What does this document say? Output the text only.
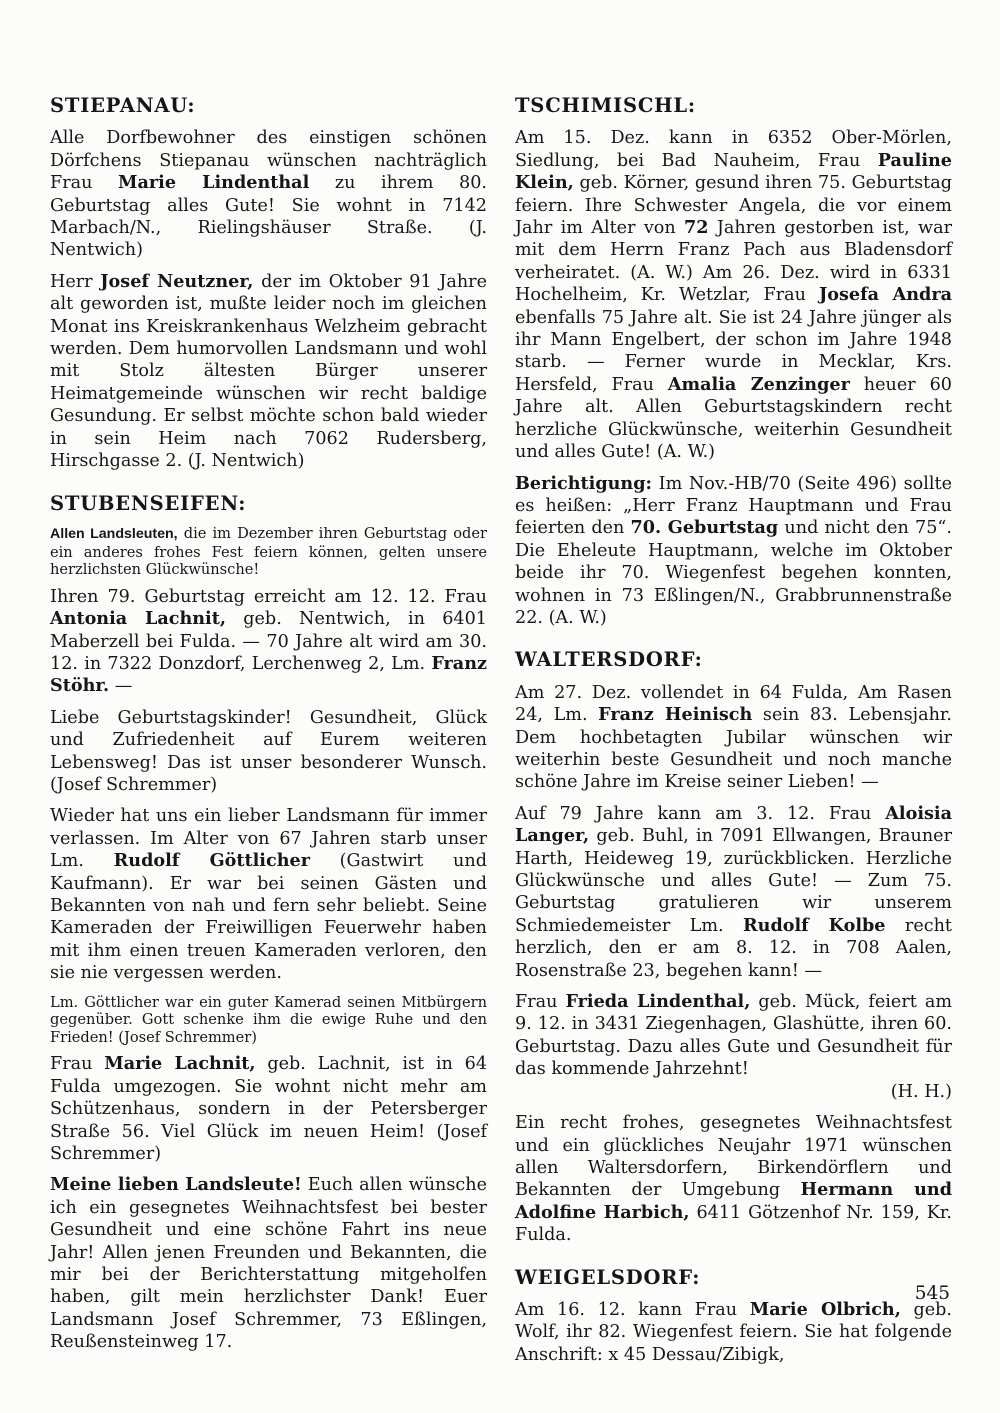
STIEPANAU:

Alle Dorfbewohner des einstigen schönen Dörfchens Stiepanau wünschen nachträglich Frau Marie Lindenthal zu ihrem 80. Geburtstag alles Gute! Sie wohnt in 7142 Marbach/N., Rielingshäuser Straße. (J. Nentwich)

Herr Josef Neutzner, der im Oktober 91 Jahre alt geworden ist, mußte leider noch im gleichen Monat ins Kreiskrankenhaus Welzheim gebracht werden. Dem humorvollen Landsmann und wohl mit Stolz ältesten Bürger unserer Heimatgemeinde wünschen wir recht baldige Gesundung. Er selbst möchte schon bald wieder in sein Heim nach 7062 Rudersberg, Hirschgasse 2. (J. Nentwich)

STUBENSEIFEN:

Allen Landsleuten, die im Dezember ihren Geburtstag oder ein anderes frohes Fest feiern können, gelten unsere herzlichsten Glückwünsche!

Ihren 79. Geburtstag erreicht am 12. 12. Frau Antonia Lachnit, geb. Nentwich, in 6401 Maberzell bei Fulda. — 70 Jahre alt wird am 30. 12. in 7322 Donzdorf, Lerchenweg 2, Lm. Franz Stöhr. —

Liebe Geburtstagskinder! Gesundheit, Glück und Zufriedenheit auf Eurem weiteren Lebensweg! Das ist unser besonderer Wunsch. (Josef Schremmer)

Wieder hat uns ein lieber Landsmann für immer verlassen. Im Alter von 67 Jahren starb unser Lm. Rudolf Göttlicher (Gastwirt und Kaufmann). Er war bei seinen Gästen und Bekannten von nah und fern sehr beliebt. Seine Kameraden der Freiwilligen Feuerwehr haben mit ihm einen treuen Kameraden verloren, den sie nie vergessen werden.

Lm. Göttlicher war ein guter Kamerad seinen Mitbürgern gegenüber. Gott schenke ihm die ewige Ruhe und den Frieden! (Josef Schremmer)

Frau Marie Lachnit, geb. Lachnit, ist in 64 Fulda umgezogen. Sie wohnt nicht mehr am Schützenhaus, sondern in der Petersberger Straße 56. Viel Glück im neuen Heim! (Josef Schremmer)

Meine lieben Landsleute! Euch allen wünsche ich ein gesegnetes Weihnachtsfest bei bester Gesundheit und eine schöne Fahrt ins neue Jahr! Allen jenen Freunden und Bekannten, die mir bei der Berichterstattung mitgeholfen haben, gilt mein herzlichster Dank! Euer Landsmann Josef Schremmer, 73 Eßlingen, Reußensteinweg 17.

TSCHIMISCHL:

Am 15. Dez. kann in 6352 Ober-Mörlen, Siedlung, bei Bad Nauheim, Frau Pauline Klein, geb. Körner, gesund ihren 75. Geburtstag feiern. Ihre Schwester Angela, die vor einem Jahr im Alter von 72 Jahren gestorben ist, war mit dem Herrn Franz Pach aus Bladensdorf verheiratet. (A. W.) Am 26. Dez. wird in 6331 Hochelheim, Kr. Wetzlar, Frau Josefa Andra ebenfalls 75 Jahre alt. Sie ist 24 Jahre jünger als ihr Mann Engelbert, der schon im Jahre 1948 starb. — Ferner wurde in Mecklar, Krs. Hersfeld, Frau Amalia Zenzinger heuer 60 Jahre alt. Allen Geburtstagskindern recht herzliche Glückwünsche, weiterhin Gesundheit und alles Gute! (A. W.)

Berichtigung: Im Nov.-HB/70 (Seite 496) sollte es heißen: „Herr Franz Hauptmann und Frau feierten den 70. Geburtstag und nicht den 75“. Die Eheleute Hauptmann, welche im Oktober beide ihr 70. Wiegenfest begehen konnten, wohnen in 73 Eßlingen/N., Grabbrunnenstraße 22. (A. W.)

WALTERSDORF:

Am 27. Dez. vollendet in 64 Fulda, Am Rasen 24, Lm. Franz Heinisch sein 83. Lebensjahr. Dem hochbetagten Jubilar wünschen wir weiterhin beste Gesundheit und noch manche schöne Jahre im Kreise seiner Lieben! —

Auf 79 Jahre kann am 3. 12. Frau Aloisia Langer, geb. Buhl, in 7091 Ellwangen, Brauner Harth, Heideweg 19, zurückblicken. Herzliche Glückwünsche und alles Gute! — Zum 75. Geburtstag gratulieren wir unserem Schmiedemeister Lm. Rudolf Kolbe recht herzlich, den er am 8. 12. in 708 Aalen, Rosenstraße 23, begehen kann! —

Frau Frieda Lindenthal, geb. Mück, feiert am 9. 12. in 3431 Ziegenhagen, Glashütte, ihren 60. Geburtstag. Dazu alles Gute und Gesundheit für das kommende Jahrzehnt!
(H. H.)

Ein recht frohes, gesegnetes Weihnachtsfest und ein glückliches Neujahr 1971 wünschen allen Waltersdorfern, Birkendörflern und Bekannten der Umgebung Hermann und Adolfine Harbich, 6411 Götzenhof Nr. 159, Kr. Fulda.

WEIGELSDORF:

Am 16. 12. kann Frau Marie Olbrich, geb. Wolf, ihr 82. Wiegenfest feiern. Sie hat folgende Anschrift: x 45 Dessau/Zibigk,

545
